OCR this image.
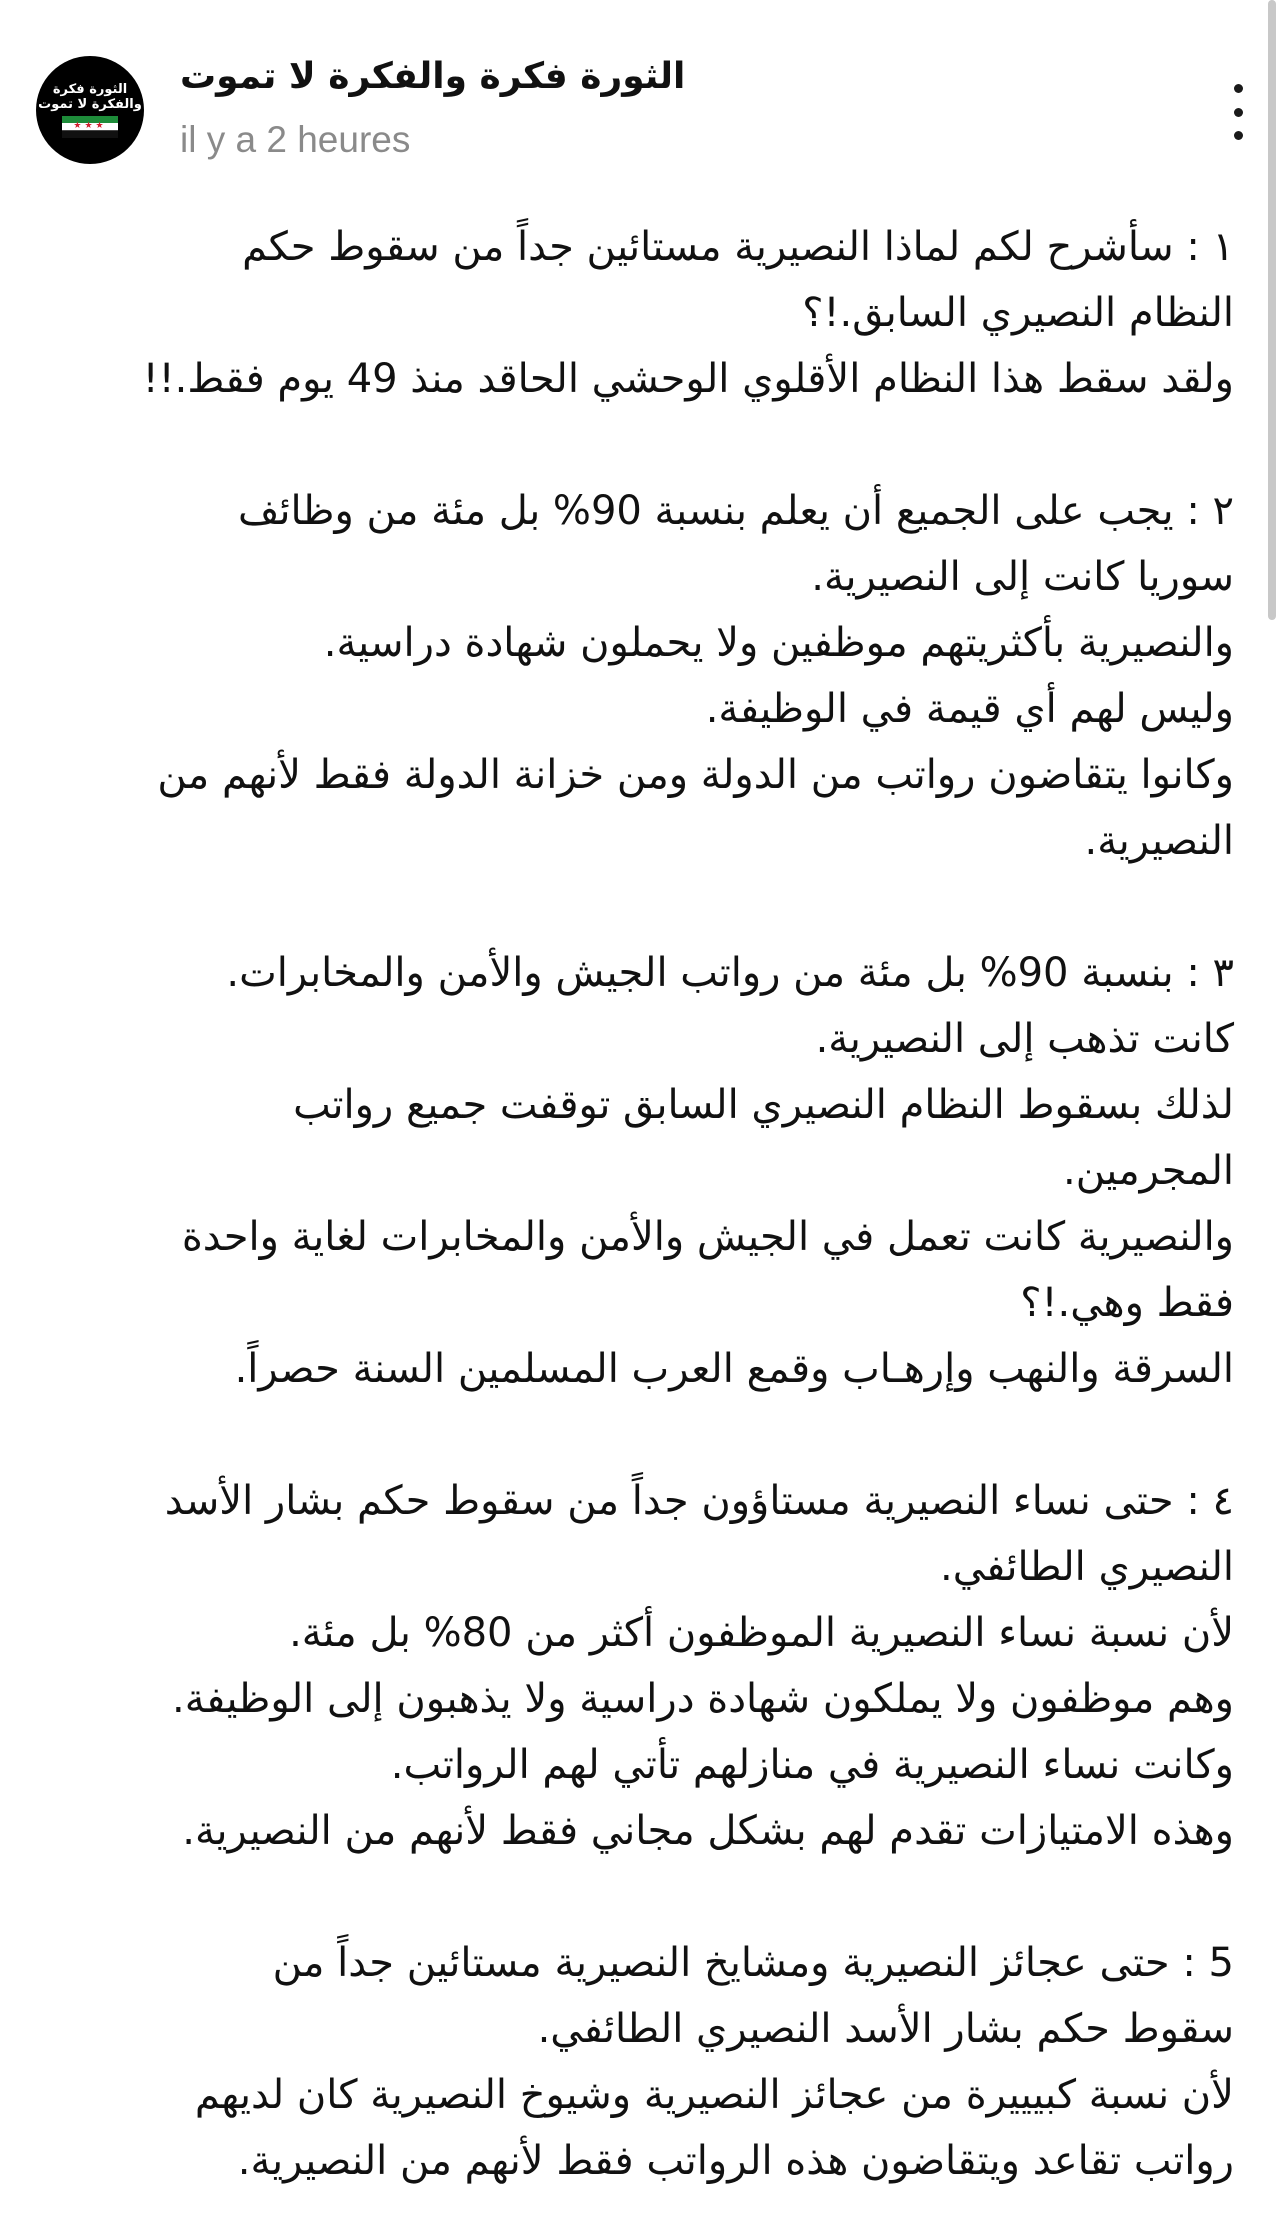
الثورة فكرة
والفكرة لا تموت
★★★
الثورة فكرة والفكرة لا تموت
il y a 2 heures
١ : سأشرح لكم لماذا النصيرية مستائين جداً من سقوط حكم
النظام النصيري السابق.!؟
ولقد سقط هذا النظام الأقلوي الوحشي الحاقد منذ 49 يوم فقط.!!
٢ : يجب على الجميع أن يعلم بنسبة 90% بل مئة من وظائف
سوريا كانت إلى النصيرية.
والنصيرية بأكثريتهم موظفين ولا يحملون شهادة دراسية.
وليس لهم أي قيمة في الوظيفة.
وكانوا يتقاضون رواتب من الدولة ومن خزانة الدولة فقط لأنهم من
النصيرية.
٣ : بنسبة 90% بل مئة من رواتب الجيش والأمن والمخابرات.
كانت تذهب إلى النصيرية.
لذلك بسقوط النظام النصيري السابق توقفت جميع رواتب
المجرمين.
والنصيرية كانت تعمل في الجيش والأمن والمخابرات لغاية واحدة
فقط وهي.!؟
السرقة والنهب وإرهـاب وقمع العرب المسلمين السنة حصراً.
٤ : حتى نساء النصيرية مستاؤون جداً من سقوط حكم بشار الأسد
النصيري الطائفي.
لأن نسبة نساء النصيرية الموظفون أكثر من 80% بل مئة.
وهم موظفون ولا يملكون شهادة دراسية ولا يذهبون إلى الوظيفة.
وكانت نساء النصيرية في منازلهم تأتي لهم الرواتب.
وهذه الامتيازات تقدم لهم بشكل مجاني فقط لأنهم من النصيرية.
5 : حتى عجائز النصيرية ومشايخ النصيرية مستائين جداً من
سقوط حكم بشار الأسد النصيري الطائفي.
لأن نسبة كبيييرة من عجائز النصيرية وشيوخ النصيرية كان لديهم
رواتب تقاعد ويتقاضون هذه الرواتب فقط لأنهم من النصيرية.
